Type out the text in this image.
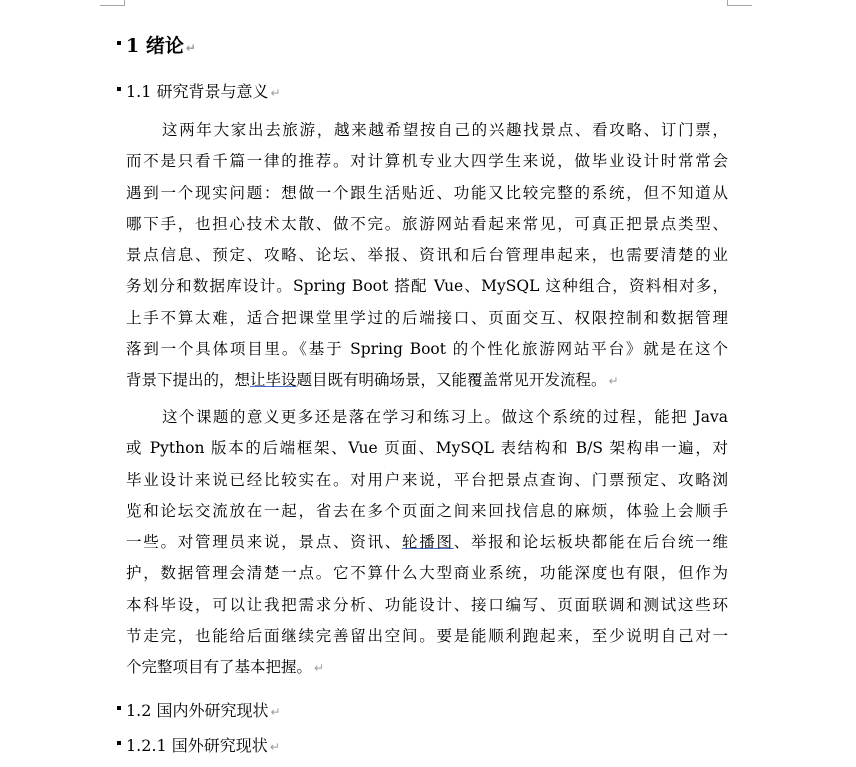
1 绪论 ↵
1.1 研究背景与意义 ↵
这两年大家出去旅游，越来越希望按自己的兴趣找景点、看攻略、订门票，
而不是只看千篇一律的推荐。对计算机专业大四学生来说，做毕业设计时常常会
遇到一个现实问题：想做一个跟生活贴近、功能又比较完整的系统，但不知道从
哪下手，也担心技术太散、做不完。旅游网站看起来常见，可真正把景点类型、
景点信息、预定、攻略、论坛、举报、资讯和后台管理串起来，也需要清楚的业
务划分和数据库设计。Spring Boot 搭配 Vue、MySQL 这种组合，资料相对多，
上手不算太难，适合把课堂里学过的后端接口、页面交互、权限控制和数据管理
落到一个具体项目里。《基于 Spring Boot 的个性化旅游网站平台》就是在这个
背景下提出的，想让毕设题目既有明确场景，又能覆盖常见开发流程。 ↵
这个课题的意义更多还是落在学习和练习上。做这个系统的过程，能把 Java
或 Python 版本的后端框架、Vue 页面、MySQL 表结构和 B/S 架构串一遍，对
毕业设计来说已经比较实在。对用户来说，平台把景点查询、门票预定、攻略浏
览和论坛交流放在一起，省去在多个页面之间来回找信息的麻烦，体验上会顺手
一些。对管理员来说，景点、资讯、轮播图、举报和论坛板块都能在后台统一维
护，数据管理会清楚一点。它不算什么大型商业系统，功能深度也有限，但作为
本科毕设，可以让我把需求分析、功能设计、接口编写、页面联调和测试这些环
节走完，也能给后面继续完善留出空间。要是能顺利跑起来，至少说明自己对一
个完整项目有了基本把握。 ↵
1.2 国内外研究现状 ↵
1.2.1 国外研究现状 ↵
